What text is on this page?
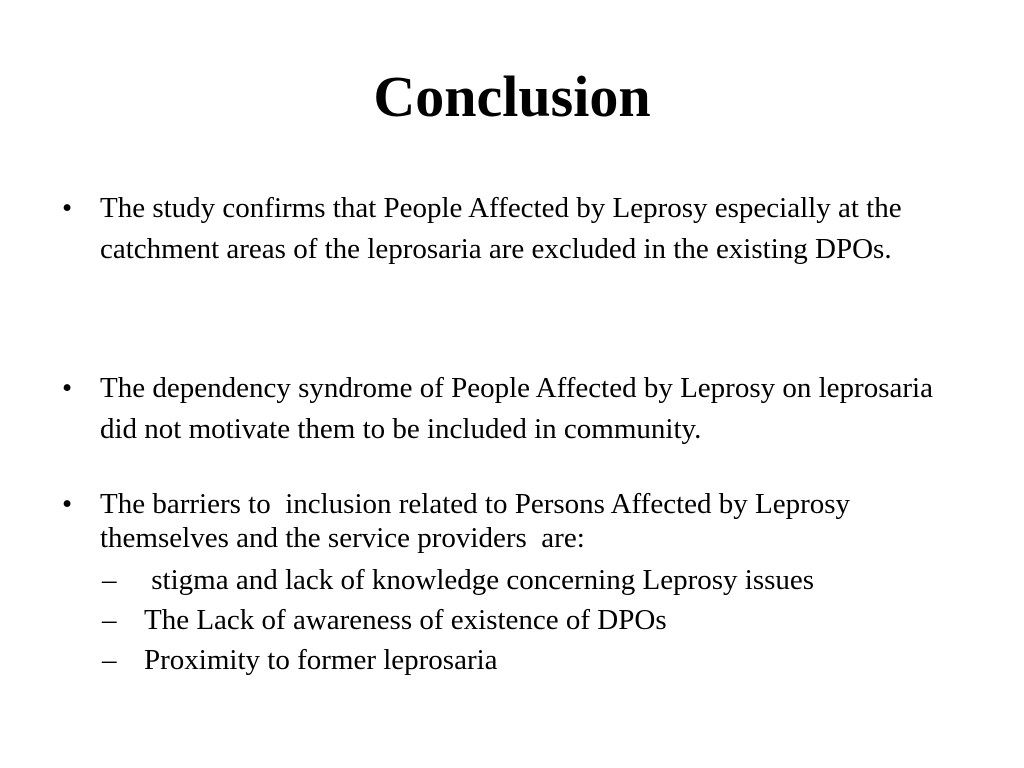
Conclusion
• The study confirms that People Affected by Leprosy especially at the catchment areas of the leprosaria are excluded in the existing DPOs.
• The dependency syndrome of People Affected by Leprosy on leprosaria did not motivate them to be included in community.
• The barriers to  inclusion related to Persons Affected by Leprosy themselves and the service providers  are:
– stigma and lack of knowledge concerning Leprosy issues
– The Lack of awareness of existence of DPOs
– Proximity to former leprosaria
